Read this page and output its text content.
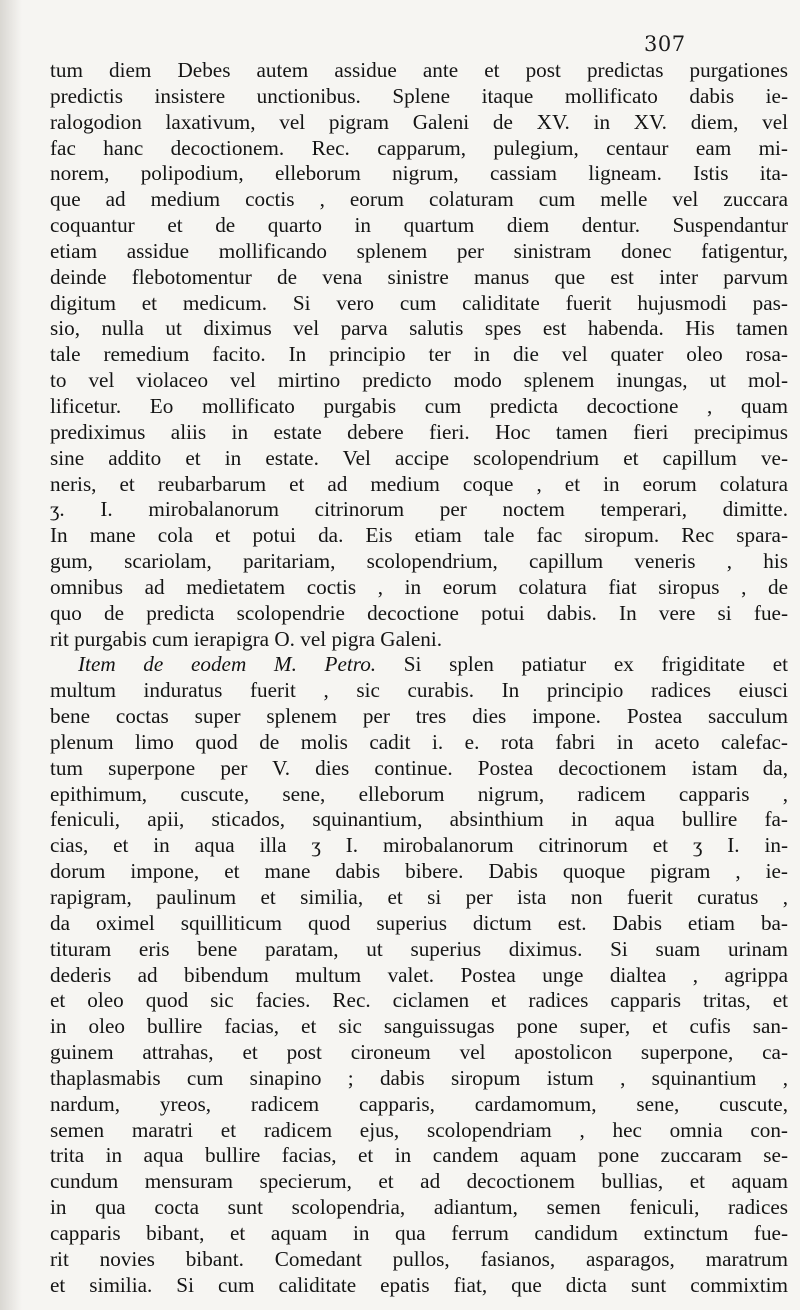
307
tum diem Debes autem assidue ante et post predictas purgationes
predictis insistere unctionibus. Splene itaque mollificato dabis ie-
ralogodion laxativum, vel pigram Galeni de XV. in XV. diem, vel
fac hanc decoctionem. Rec. capparum, pulegium, centaur eam mi-
norem, polipodium, elleborum nigrum, cassiam ligneam. Istis ita-
que ad medium coctis , eorum colaturam cum melle vel zuccara
coquantur et de quarto in quartum diem dentur. Suspendantur
etiam assidue mollificando splenem per sinistram donec fatigentur,
deinde flebotomentur de vena sinistre manus que est inter parvum
digitum et medicum. Si vero cum caliditate fuerit hujusmodi pas-
sio, nulla ut diximus vel parva salutis spes est habenda. His tamen
tale remedium facito. In principio ter in die vel quater oleo rosa-
to vel violaceo vel mirtino predicto modo splenem inungas, ut mol-
lificetur. Eo mollificato purgabis cum predicta decoctione , quam
prediximus aliis in estate debere fieri. Hoc tamen fieri precipimus
sine addito et in estate. Vel accipe scolopendrium et capillum ve-
neris, et reubarbarum et ad medium coque , et in eorum colatura
ʒ. I. mirobalanorum citrinorum per noctem temperari, dimitte.
In mane cola et potui da. Eis etiam tale fac siropum. Rec spara-
gum, scariolam, paritariam, scolopendrium, capillum veneris , his
omnibus ad medietatem coctis , in eorum colatura fiat siropus , de
quo de predicta scolopendrie decoctione potui dabis. In vere si fue-
rit purgabis cum ierapigra O. vel pigra Galeni.
Item de eodem M. Petro. Si splen patiatur ex frigiditate et
multum induratus fuerit , sic curabis. In principio radices eiusci
bene coctas super splenem per tres dies impone. Postea sacculum
plenum limo quod de molis cadit i. e. rota fabri in aceto calefac-
tum superpone per V. dies continue. Postea decoctionem istam da,
epithimum, cuscute, sene, elleborum nigrum, radicem capparis ,
feniculi, apii, sticados, squinantium, absinthium in aqua bullire fa-
cias, et in aqua illa ʒ I. mirobalanorum citrinorum et ʒ I. in-
dorum impone, et mane dabis bibere. Dabis quoque pigram , ie-
rapigram, paulinum et similia, et si per ista non fuerit curatus ,
da oximel squilliticum quod superius dictum est. Dabis etiam ba-
tituram eris bene paratam, ut superius diximus. Si suam urinam
dederis ad bibendum multum valet. Postea unge dialtea , agrippa
et oleo quod sic facies. Rec. ciclamen et radices capparis tritas, et
in oleo bullire facias, et sic sanguissugas pone super, et cufis san-
guinem attrahas, et post cironeum vel apostolicon superpone, ca-
thaplasmabis cum sinapino ; dabis siropum istum , squinantium ,
nardum, yreos, radicem capparis, cardamomum, sene, cuscute,
semen maratri et radicem ejus, scolopendriam , hec omnia con-
trita in aqua bullire facias, et in candem aquam pone zuccaram se-
cundum mensuram specierum, et ad decoctionem bullias, et aquam
in qua cocta sunt scolopendria, adiantum, semen feniculi, radices
capparis bibant, et aquam in qua ferrum candidum extinctum fue-
rit novies bibant. Comedant pullos, fasianos, asparagos, maratrum
et similia. Si cum caliditate epatis fiat, que dicta sunt commixtim
